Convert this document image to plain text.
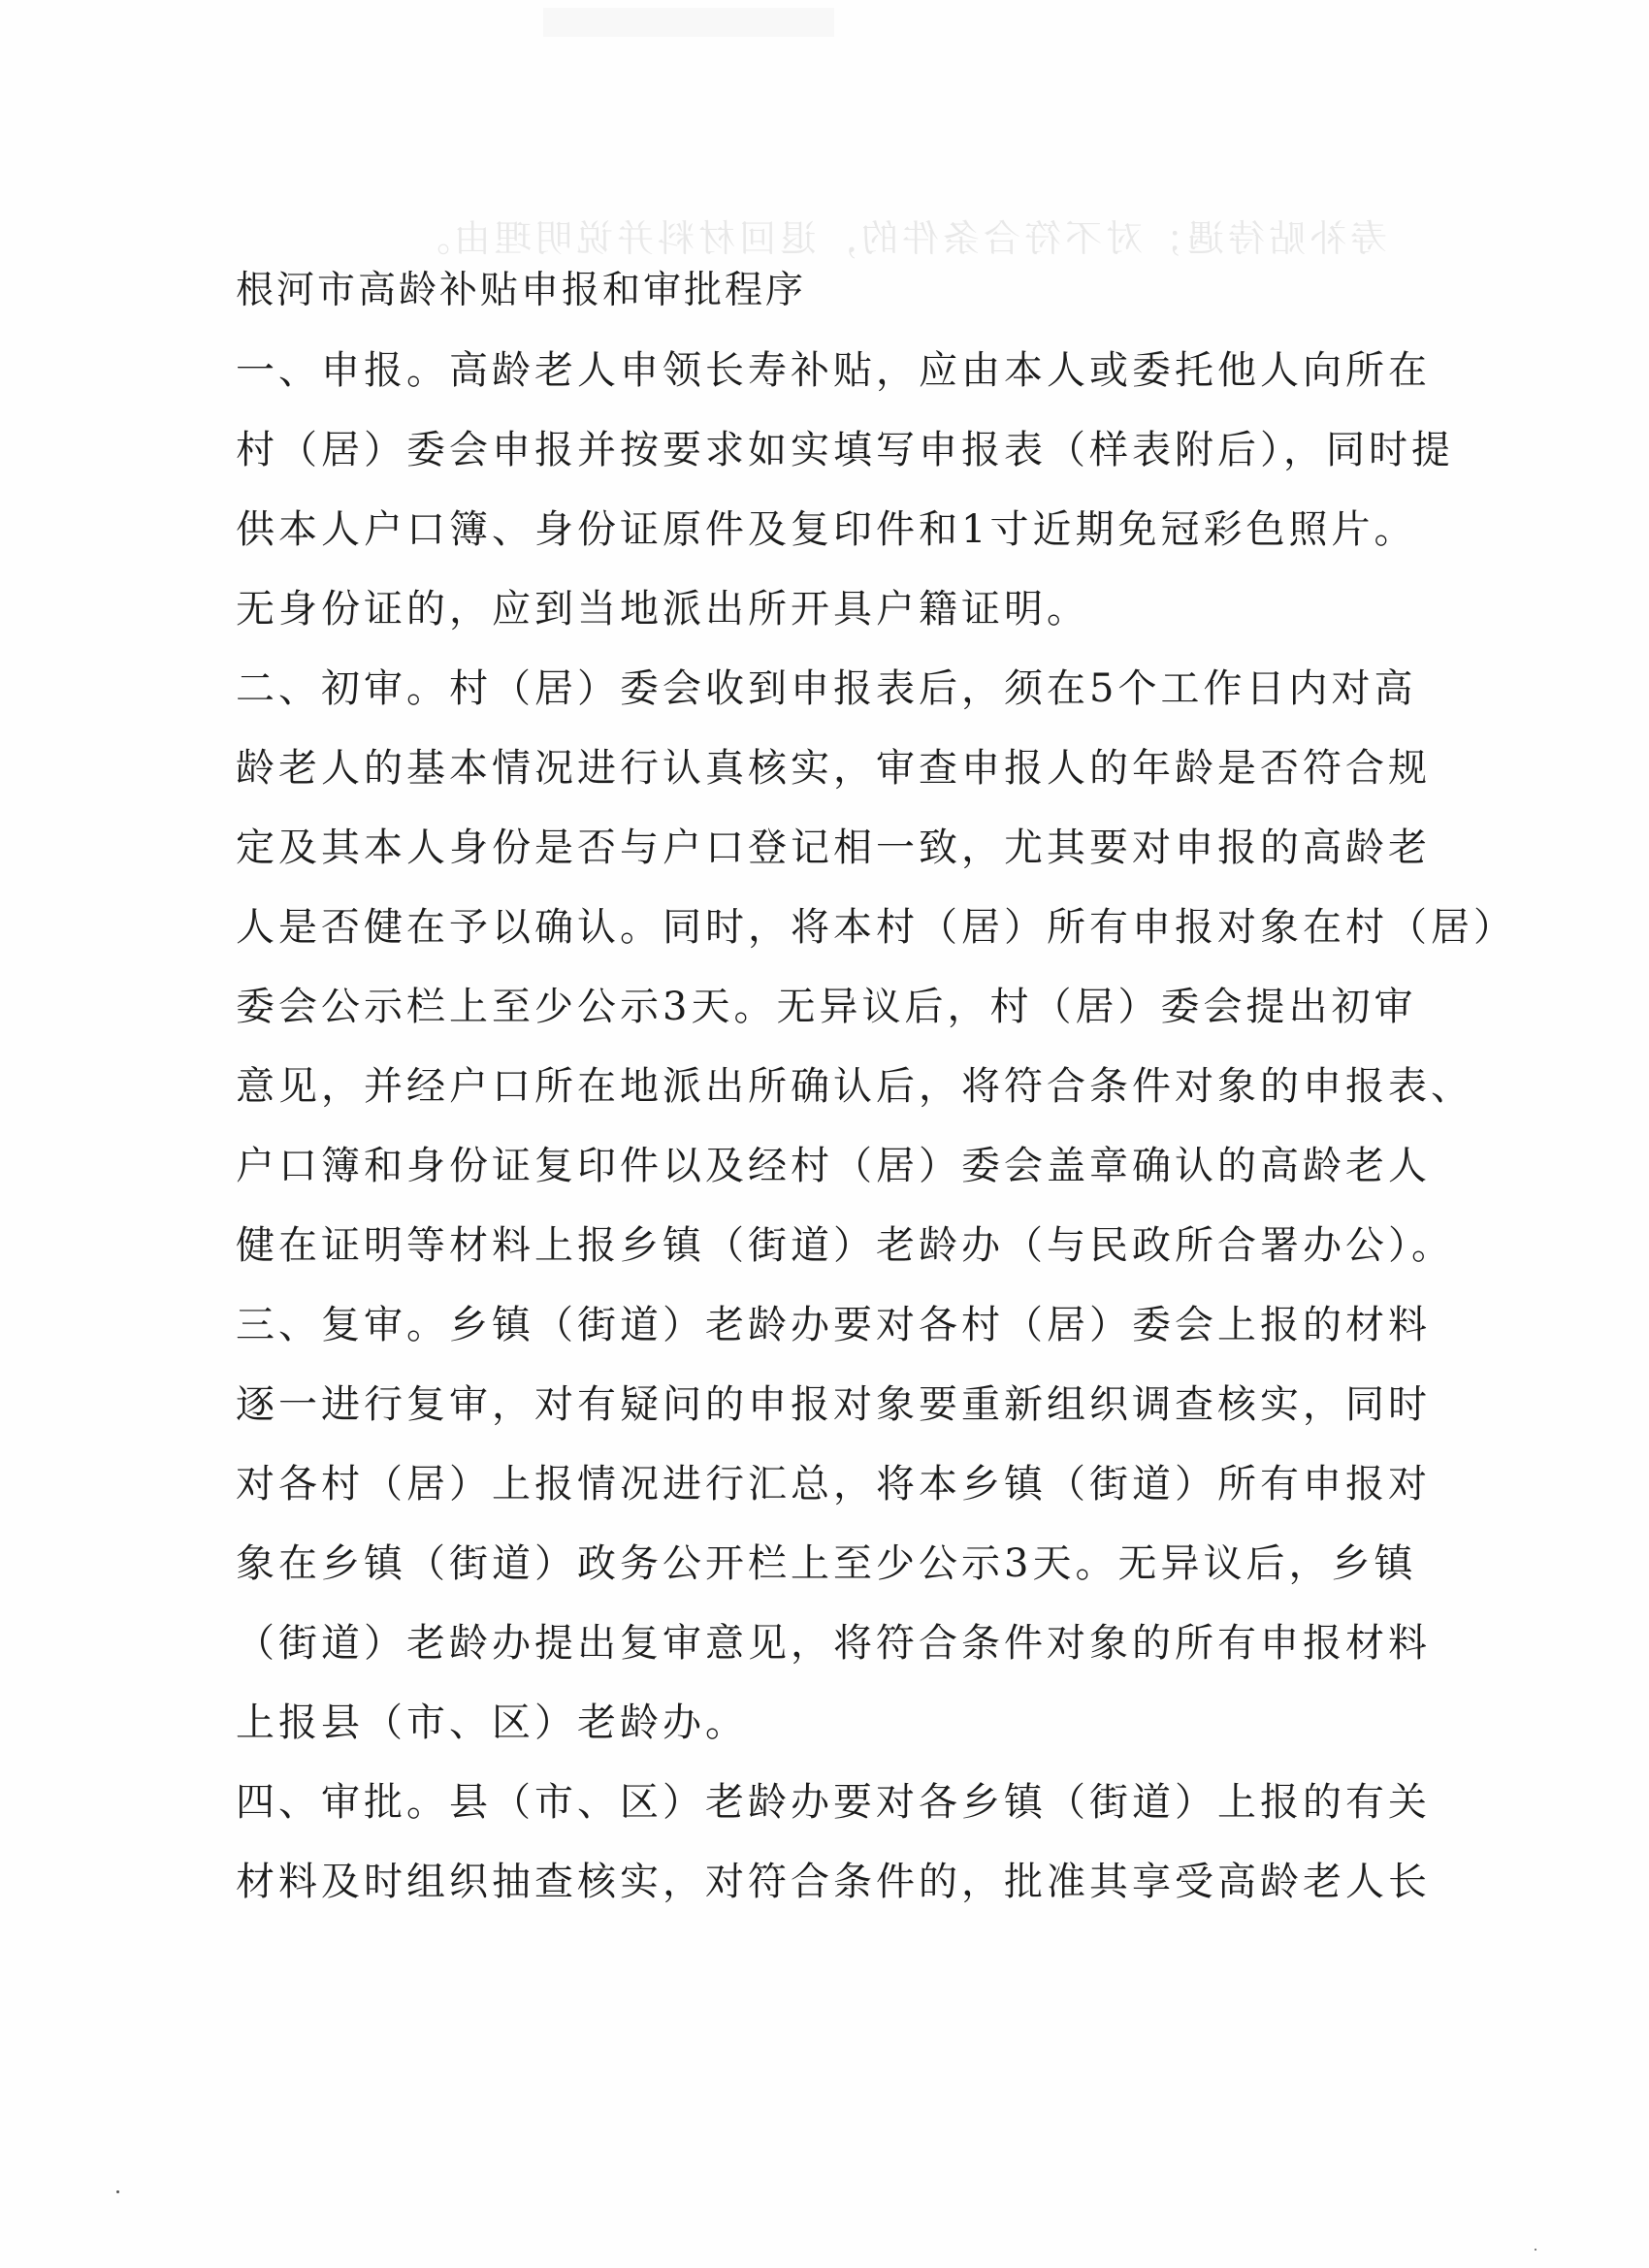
寿补贴待遇；对不符合条件的，退回材料并说明理由。
根河市高龄补贴申报和审批程序
一、申报。高龄老人申领长寿补贴，应由本人或委托他人向所在
村（居）委会申报并按要求如实填写申报表（样表附后），同时提
供本人户口簿、身份证原件及复印件和1寸近期免冠彩色照片。
无身份证的，应到当地派出所开具户籍证明。
二、初审。村（居）委会收到申报表后，须在5个工作日内对高
龄老人的基本情况进行认真核实，审查申报人的年龄是否符合规
定及其本人身份是否与户口登记相一致，尤其要对申报的高龄老
人是否健在予以确认。同时，将本村（居）所有申报对象在村（居）
委会公示栏上至少公示3天。无异议后，村（居）委会提出初审
意见，并经户口所在地派出所确认后，将符合条件对象的申报表、
户口簿和身份证复印件以及经村（居）委会盖章确认的高龄老人
健在证明等材料上报乡镇（街道）老龄办（与民政所合署办公）。
三、复审。乡镇（街道）老龄办要对各村（居）委会上报的材料
逐一进行复审，对有疑问的申报对象要重新组织调查核实，同时
对各村（居）上报情况进行汇总，将本乡镇（街道）所有申报对
象在乡镇（街道）政务公开栏上至少公示3天。无异议后，乡镇
（街道）老龄办提出复审意见，将符合条件对象的所有申报材料
上报县（市、区）老龄办。
四、审批。县（市、区）老龄办要对各乡镇（街道）上报的有关
材料及时组织抽查核实，对符合条件的，批准其享受高龄老人长
